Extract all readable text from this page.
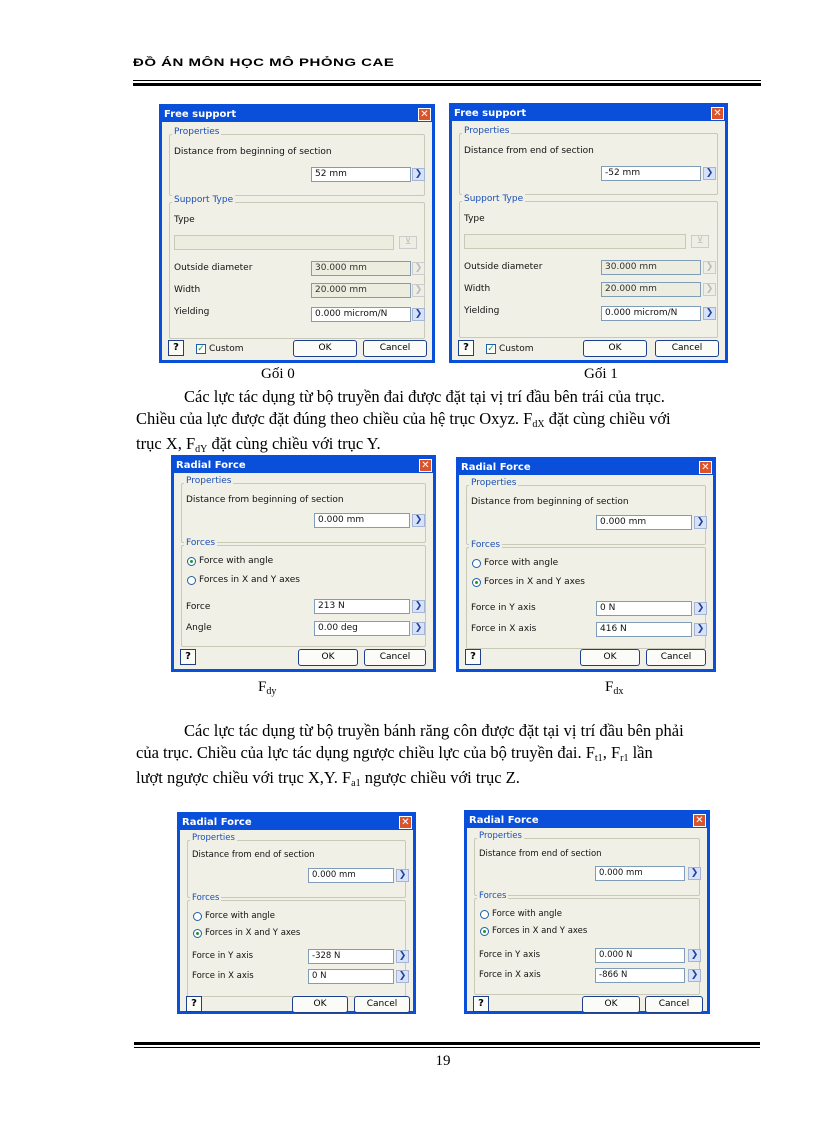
ĐỒ ÁN MÔN HỌC MÔ PHỎNG CAE
Free support	✕
Properties
Distance from beginning of section
52 mm	❯
Support Type
Type
⊻
Outside diameter	30.000 mm	❯
Width	20.000 mm	❯
Yielding	0.000 microm/N	❯
?	✓ Custom	OK	Cancel
Free support	✕
Properties
Distance from end of section
-52 mm	❯
Support Type
Type
⊻
Outside diameter	30.000 mm	❯
Width	20.000 mm	❯
Yielding	0.000 microm/N	❯
?	✓ Custom	OK	Cancel
Gối 0	Gối 1
Các lực tác dụng từ bộ truyền đai được đặt tại vị trí đầu bên trái của trục.
Chiều của lực được đặt đúng theo chiều của hệ trục Oxyz. FdX đặt cùng chiều với
trục X, FdY đặt cùng chiều với trục Y.
Radial Force	✕
Properties
Distance from beginning of section
0.000 mm	❯
Forces
Force with angle
Forces in X and Y axes
Force	213 N	❯
Angle	0.00 deg	❯
?	OK	Cancel
Radial Force	✕
Properties
Distance from beginning of section
0.000 mm	❯
Forces
Force with angle
Forces in X and Y axes
Force in Y axis	0 N	❯
Force in X axis	416 N	❯
?	OK	Cancel
$F_{dy}$	$F_{dx}$
Các lực tác dụng từ bộ truyền bánh răng côn được đặt tại vị trí đầu bên phải
của trục. Chiều của lực tác dụng ngược chiều lực của bộ truyền đai. Ft1, Fr1 lần
lượt ngược chiều với trục X,Y. Fa1 ngược chiều với trục Z.
Radial Force	✕
Properties
Distance from end of section
0.000 mm	❯
Forces
Force with angle
Forces in X and Y axes
Force in Y axis	-328 N	❯
Force in X axis	0 N	❯
?	OK	Cancel
Radial Force	✕
Properties
Distance from end of section
0.000 mm	❯
Forces
Force with angle
Forces in X and Y axes
Force in Y axis	0.000 N	❯
Force in X axis	-866 N	❯
?	OK	Cancel
19
